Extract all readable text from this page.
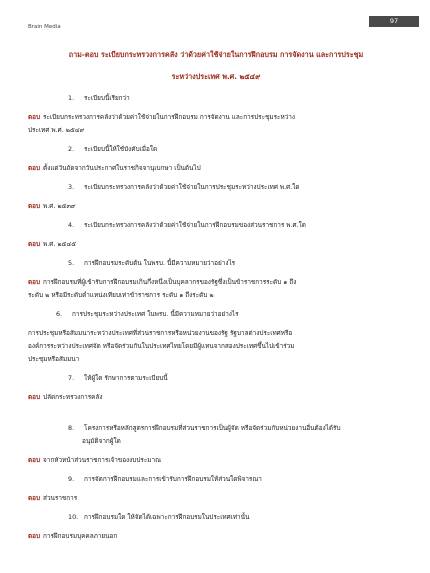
Brain Media
97
ถาม-ตอบ ระเบียบกระทรวงการคลัง ว่าด้วยค่าใช้จ่ายในการฝึกอบรม การจัดงาน และการประชุม
ระหว่างประเทศ พ.ศ. ๒๕๔๙
1. ระเบียบนี้เรียกว่า
ตอบ ระเบียบกระทรวงการคลังว่าด้วยค่าใช้จ่ายในการฝึกอบรม การจัดงาน และการประชุมระหว่าง
ประเทศ พ.ศ. ๒๕๔๙
2. ระเบียบนี้ให้ใช้บังคับเมื่อใด
ตอบ ตั้งแต่วันถัดจากวันประกาศในราชกิจจานุเบกษา เป็นต้นไป
3. ระเบียบกระทรวงการคลังว่าด้วยค่าใช้จ่ายในการประชุมระหว่างประเทศ พ.ศ.ใด
ตอบ พ.ศ. ๒๕๓๙
4. ระเบียบกระทรวงการคลังว่าด้วยค่าใช้จ่ายในการฝึกอบรมของส่วนราชการ พ.ศ.ใด
ตอบ พ.ศ. ๒๕๔๕
5. การฝึกอบรมระดับต้น ในพรบ. นี้มีความหมายว่าอย่างไร
ตอบ การฝึกอบรมที่ผู้เข้ารับการฝึกอบรมเกินกึ่งหนึ่งเป็นบุคลากรของรัฐซึ่งเป็นข้าราชการระดับ ๑ ถึง
ระดับ ๒ หรือมีระดับตำแหน่งเทียบเท่าข้าราชการ ระดับ ๑ ถึงระดับ ๒
6. การประชุมระหว่างประเทศ ในพรบ. นี้มีความหมายว่าอย่างไร
การประชุมหรือสัมมนาระหว่างประเทศที่ส่วนราชการหรือหน่วยงานของรัฐ รัฐบาลต่างประเทศหรือ
องค์การระหว่างประเทศจัด หรือจัดร่วมกันในประเทศไทยโดยมีผู้แทนจากสองประเทศขึ้นไปเข้าร่วม
ประชุมหรือสัมมนา
7. ให้ผู้ใด รักษาการตามระเบียบนี้
ตอบ ปลัดกระทรวงการคลัง
8. โครงการหรือหลักสูตรการฝึกอบรมที่ส่วนราชการเป็นผู้จัด หรือจัดร่วมกับหน่วยงานอื่นต้องได้รับ
อนุมัติจากผู้ใด
ตอบ จากหัวหน้าส่วนราชการเจ้าของงบประมาณ
9. การจัดการฝึกอบรมและการเข้ารับการฝึกอบรมให้ส่วนใดพิจารณา
ตอบ ส่วนราชการ
10. การฝึกอบรมใด ให้จัดได้เฉพาะการฝึกอบรมในประเทศเท่านั้น
ตอบ การฝึกอบรมบุคคลภายนอก
